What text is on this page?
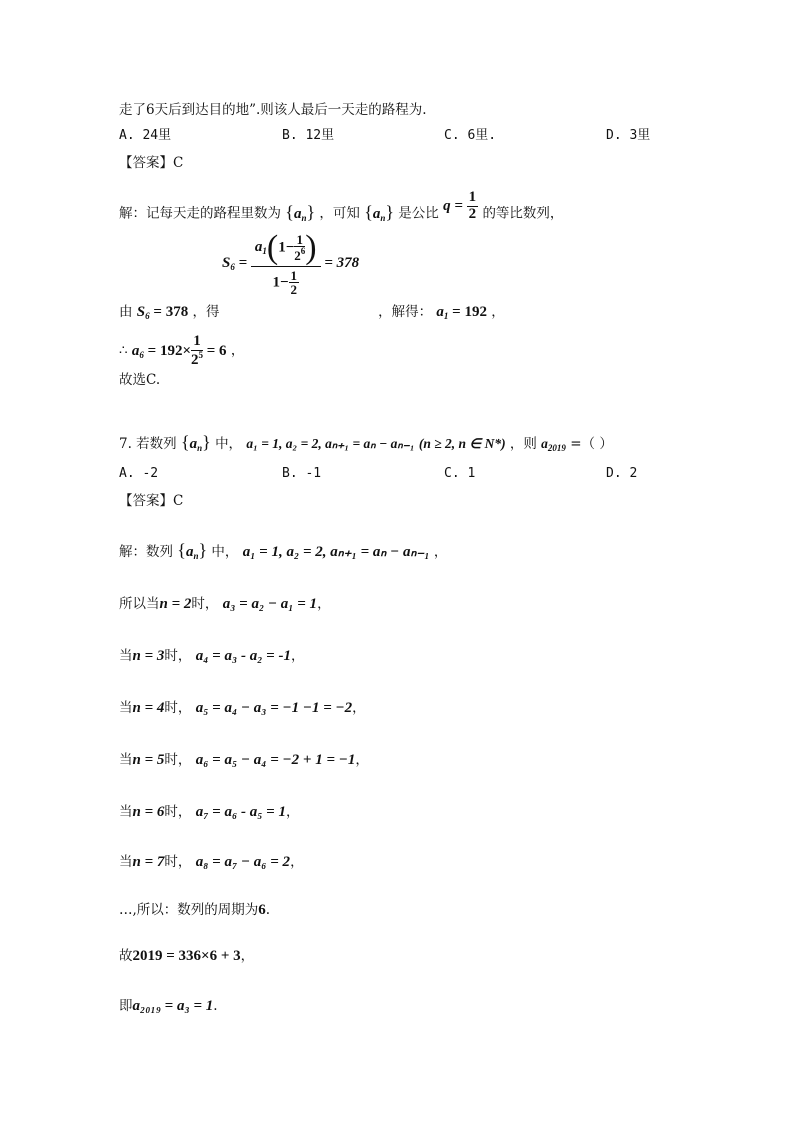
走了6天后到达目的地”.则该人最后一天走的路程为.
A. 24里	B. 12里	C. 6里.	D. 3里
【答案】C
解：记每天走的路程里数为 $\{a_n\}$ ，可知 $\{a_n\}$ 是公比 $q = \frac{1}{2}$ 的等比数列，
$S_6 = \frac{a_1(1- \frac{1}{2^6} )}{1- \frac{1}{2}} = 378$
由 $S_6 = 378$ ，得	，解得： $a_1 = 192$ ，
∴ $a_6 = 192\times \frac{1}{2^5} = 6$ ，
故选C.
7. 若数列 $\{a_n\}$ 中， a₁ = 1, a₂ = 2, aₙ₊₁ = aₙ − aₙ₋₁ (n ≥ 2, n ∈ N*) ，则 $a_{2019}$ =（ ）
A. -2	B. -1	C. 1	D. 2
【答案】C
解：数列 $\{a_n\}$ 中， a₁ = 1, a₂ = 2, aₙ₊₁ = aₙ − aₙ₋₁ ，
所以当n = 2时， a₃ = a₂ − a₁ = 1，
当n = 3时， a₄ = a₃ - a₂ = -1，
当n = 4时， a₅ = a₄ − a₃ = −1 −1 = −2，
当n = 5时， a₆ = a₅ − a₄ = −2 + 1 = −1，
当n = 6时， a₇ = a₆ - a₅ = 1，
当n = 7时， a₈ = a₇ − a₆ = 2，
…,所以：数列的周期为6.
故2019 = 336×6 + 3，
即a₂₀₁₉ = a₃ = 1.
